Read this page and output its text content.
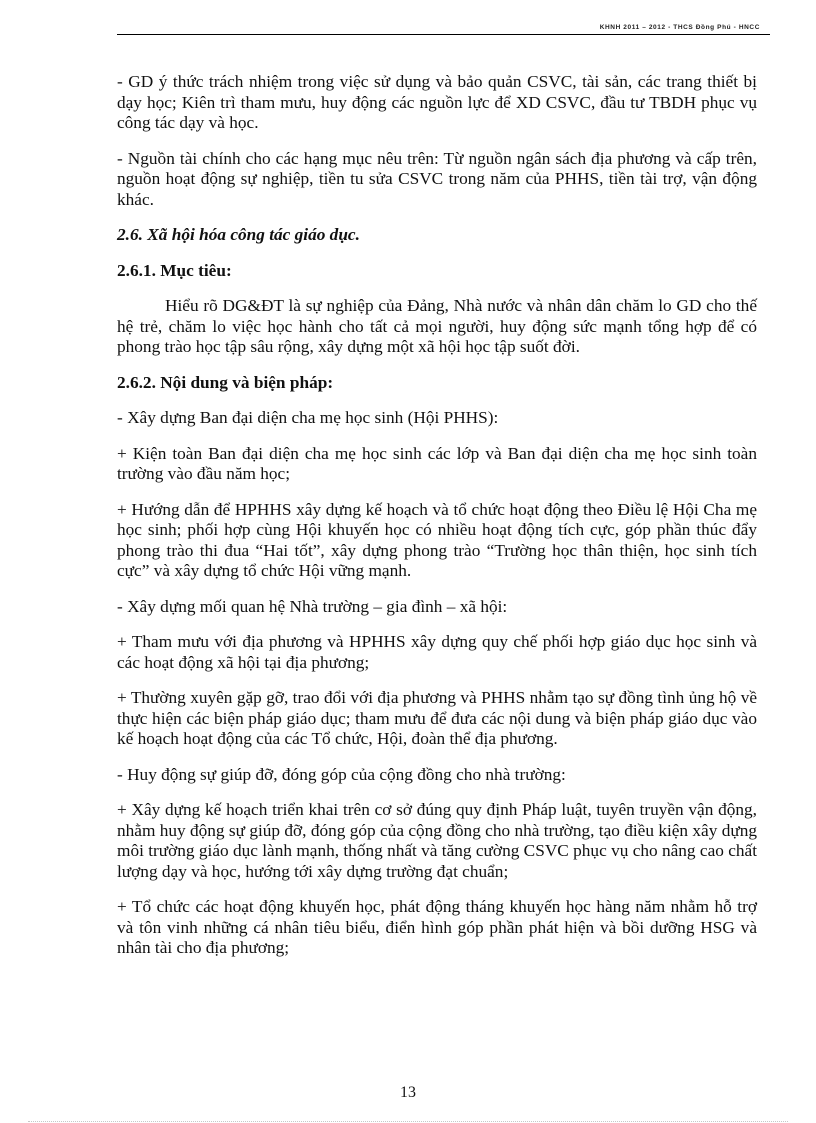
KHNH 2011 – 2012 - THCS Đồng Phú - HNCC

- GD ý thức trách nhiệm trong việc sử dụng và bảo quản CSVC, tài sản, các trang thiết bị dạy học; Kiên trì tham mưu, huy động các nguồn lực để XD CSVC, đầu tư TBDH phục vụ công tác dạy và học.

- Nguồn tài chính cho các hạng mục nêu trên: Từ nguồn ngân sách địa phương và cấp trên, nguồn hoạt động sự nghiệp, tiền tu sửa CSVC trong năm của PHHS, tiền tài trợ, vận động khác.

2.6. Xã hội hóa công tác giáo dục.
2.6.1. Mục tiêu:

Hiểu rõ DG&ĐT là sự nghiệp của Đảng, Nhà nước và nhân dân chăm lo GD cho thế hệ trẻ, chăm lo việc học hành cho tất cả mọi người, huy động sức mạnh tổng hợp để có phong trào học tập sâu rộng, xây dựng một xã hội học tập suốt đời.

2.6.2. Nội dung và biện pháp:

- Xây dựng Ban đại diện cha mẹ học sinh (Hội PHHS):

+ Kiện toàn Ban đại diện cha mẹ học sinh các lớp và Ban đại diện cha mẹ học sinh toàn trường vào đầu năm học;

+ Hướng dẫn để HPHHS xây dựng kế hoạch và tổ chức hoạt động theo Điều lệ Hội Cha mẹ học sinh; phối hợp cùng Hội khuyến học có nhiều hoạt động tích cực, góp phần thúc đẩy phong trào thi đua “Hai tốt”, xây dựng phong trào “Trường học thân thiện, học sinh tích cực” và xây dựng tổ chức Hội vững mạnh.

- Xây dựng mối quan hệ Nhà trường – gia đình – xã hội:

+ Tham mưu với địa phương và HPHHS xây dựng quy chế phối hợp giáo dục học sinh và các hoạt động xã hội tại địa phương;

+ Thường xuyên gặp gỡ, trao đổi với địa phương và PHHS nhằm tạo sự đồng tình ủng hộ về thực hiện các biện pháp giáo dục; tham mưu để đưa các nội dung và biện pháp giáo dục vào kế hoạch hoạt động của các Tổ chức, Hội, đoàn thể địa phương.

- Huy động sự giúp đỡ, đóng góp của cộng đồng cho nhà trường:

+ Xây dựng kế hoạch triển khai trên cơ sở đúng quy định Pháp luật, tuyên truyền vận động, nhằm huy động sự giúp đỡ, đóng góp của cộng đồng cho nhà trường, tạo điều kiện xây dựng môi trường giáo dục lành mạnh, thống nhất và tăng cường CSVC phục vụ cho nâng cao chất lượng dạy và học, hướng tới xây dựng trường đạt chuẩn;

+ Tổ chức các hoạt động khuyến học, phát động tháng khuyến học hàng năm nhằm hỗ trợ và tôn vinh những cá nhân tiêu biểu, điển hình góp phần phát hiện và bồi dưỡng HSG và nhân tài cho địa phương;

13
